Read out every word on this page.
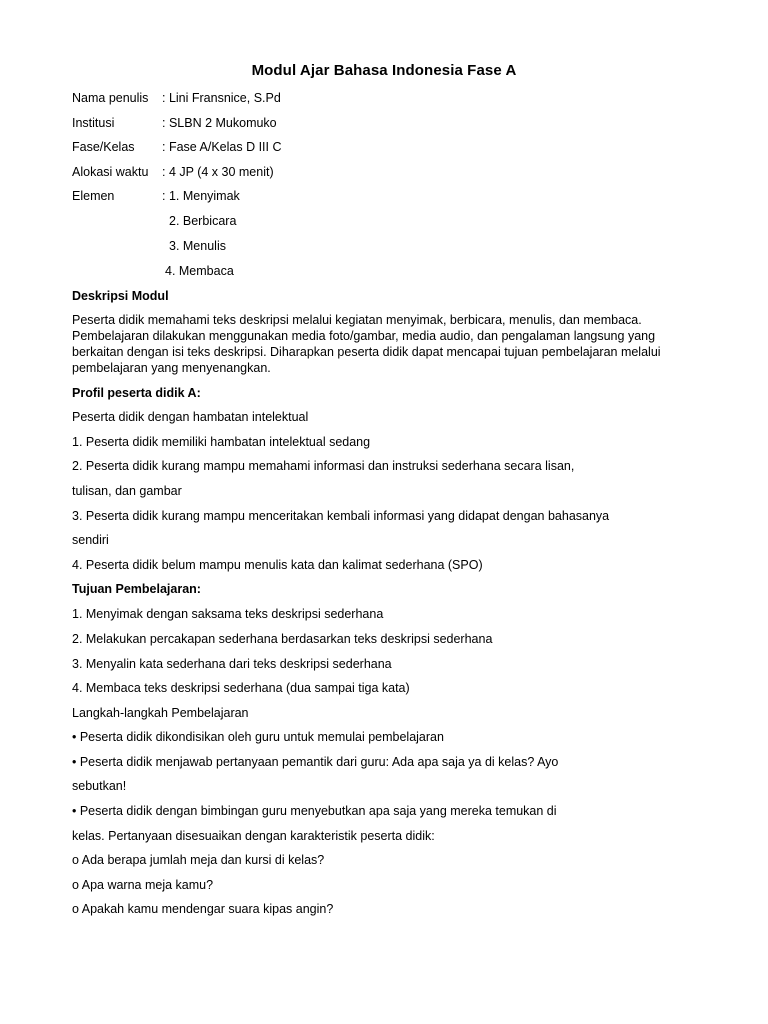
Modul Ajar Bahasa Indonesia Fase A
Nama penulis : Lini Fransnice, S.Pd
Institusi	: SLBN 2 Mukomuko
Fase/Kelas : Fase A/Kelas D III C
Alokasi waktu : 4 JP (4 x 30 menit)
Elemen	: 1. Menyimak
2. Berbicara
3. Menulis
4. Membaca
Deskripsi Modul
Peserta didik memahami teks deskripsi melalui kegiatan menyimak, berbicara, menulis, dan membaca. Pembelajaran dilakukan menggunakan media foto/gambar, media audio, dan pengalaman langsung yang berkaitan dengan isi teks deskripsi. Diharapkan peserta didik dapat mencapai tujuan pembelajaran melalui pembelajaran yang menyenangkan.
Profil peserta didik A:
Peserta didik dengan hambatan intelektual
1. Peserta didik memiliki hambatan intelektual sedang
2. Peserta didik kurang mampu memahami informasi dan instruksi sederhana secara lisan,
tulisan, dan gambar
3. Peserta didik kurang mampu menceritakan kembali informasi yang didapat dengan bahasanya
sendiri
4. Peserta didik belum mampu menulis kata dan kalimat sederhana (SPO)
Tujuan Pembelajaran:
1. Menyimak dengan saksama teks deskripsi sederhana
2. Melakukan percakapan sederhana berdasarkan teks deskripsi sederhana
3. Menyalin kata sederhana dari teks deskripsi sederhana
4. Membaca teks deskripsi sederhana (dua sampai tiga kata)
Langkah-langkah Pembelajaran
• Peserta didik dikondisikan oleh guru untuk memulai pembelajaran
• Peserta didik menjawab pertanyaan pemantik dari guru: Ada apa saja ya di kelas? Ayo
sebutkan!
• Peserta didik dengan bimbingan guru menyebutkan apa saja yang mereka temukan di
kelas. Pertanyaan disesuaikan dengan karakteristik peserta didik:
o Ada berapa jumlah meja dan kursi di kelas?
o Apa warna meja kamu?
o Apakah kamu mendengar suara kipas angin?
